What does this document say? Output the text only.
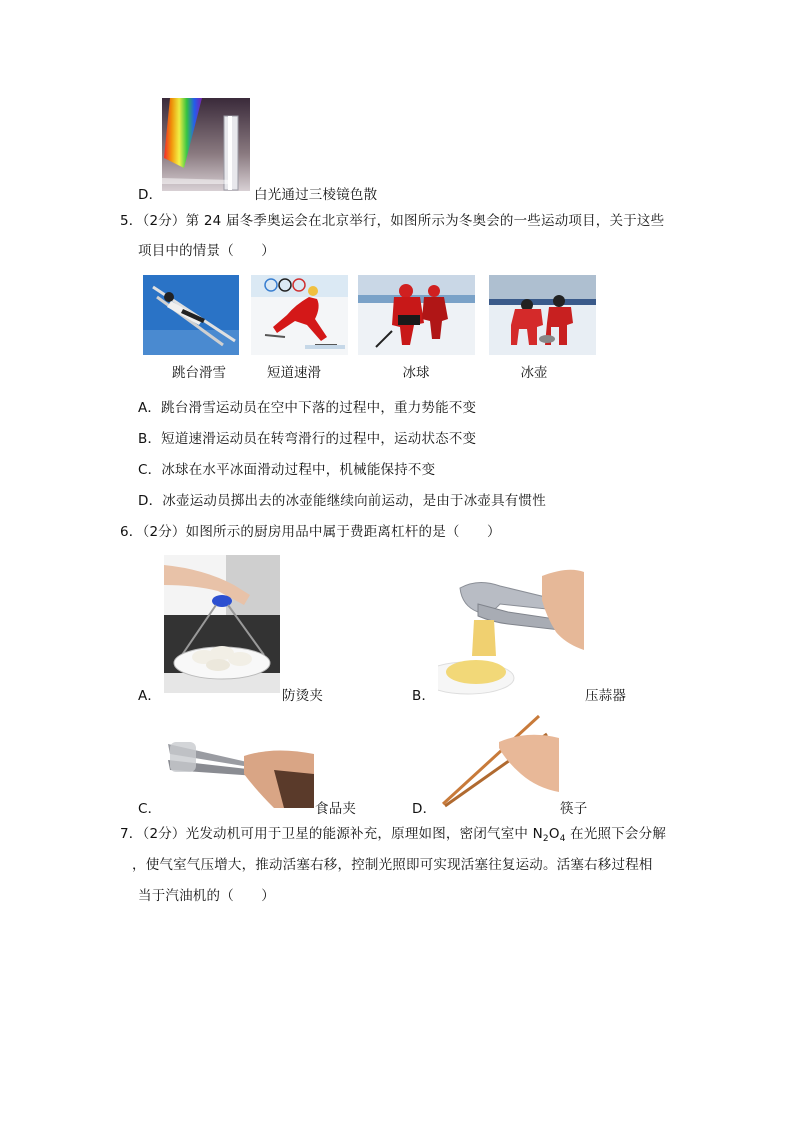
D．	白光通过三棱镜色散
5．（2分）第 24 届冬季奥运会在北京举行，如图所示为冬奥会的一些运动项目，关于这些
项目中的情景（　　）
跳台滑雪	短道速滑	冰球	冰壶
A．跳台滑雪运动员在空中下落的过程中，重力势能不变
B．短道速滑运动员在转弯滑行的过程中，运动状态不变
C．冰球在水平冰面滑动过程中，机械能保持不变
D．冰壶运动员掷出去的冰壶能继续向前运动，是由于冰壶具有惯性
6．（2分）如图所示的厨房用品中属于费距离杠杆的是（　　）
A．	防烫夹	B．	压蒜器
C．	食品夹	D．	筷子
7．（2分）光发动机可用于卫星的能源补充，原理如图，密闭气室中 $N_2O_4$ 在光照下会分解
，使气室气压增大，推动活塞右移，控制光照即可实现活塞往复运动。活塞右移过程相
当于汽油机的（　　）
